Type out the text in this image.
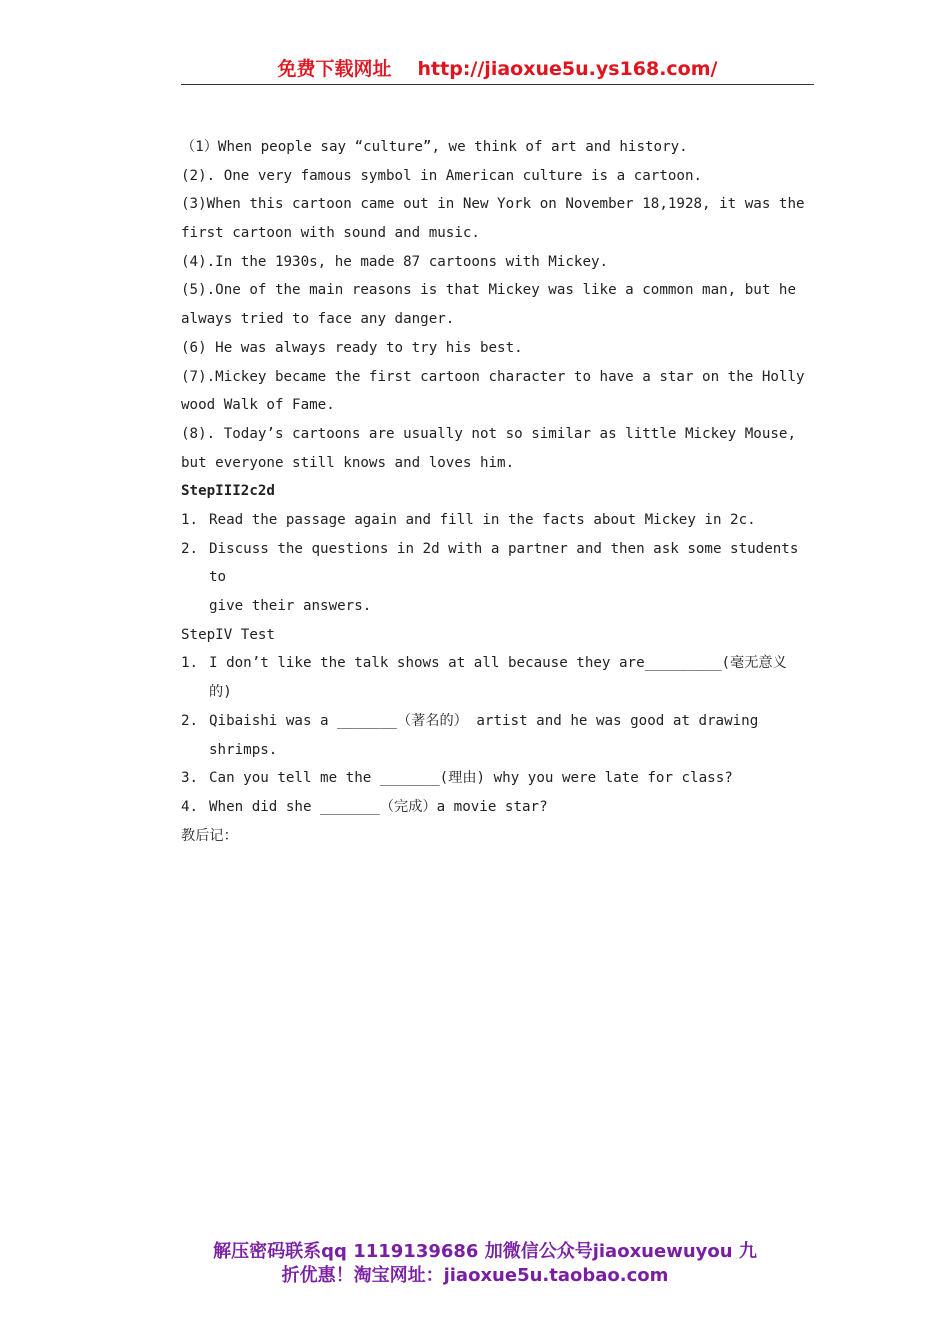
免费下载网址 http://jiaoxue5u.ys168.com/
（1）When people say “culture”, we think of art and history.
(2). One very famous symbol in American culture is a cartoon.
(3)When this cartoon came out in New York on November 18,1928, it was the
first cartoon with sound and music.
(4).In the 1930s, he made 87 cartoons with Mickey.
(5).One of the main reasons is that Mickey was like a common man, but he
always tried to face any danger.
(6) He was always ready to try his best.
(7).Mickey became the first cartoon character to have a star on the Holly
wood Walk of Fame.
(8). Today’s cartoons are usually not so similar as little Mickey Mouse,
but everyone still knows and loves him.
StepIII2c2d
1. Read the passage again and fill in the facts about Mickey in 2c.
2. Discuss the questions in 2d with a partner and then ask some students to
give their answers.
StepIV Test
1. I don’t like the talk shows at all because they are_________(毫无意义
的)
2. Qibaishi was a _______（著名的） artist and he was good at drawing
shrimps.
3. Can you tell me the _______(理由) why you were late for class?
4. When did she _______（完成）a movie star?
教后记：
解压密码联系qq 1119139686 加微信公众号jiaoxuewuyou 九
折优惠！淘宝网址：jiaoxue5u.taobao.com
